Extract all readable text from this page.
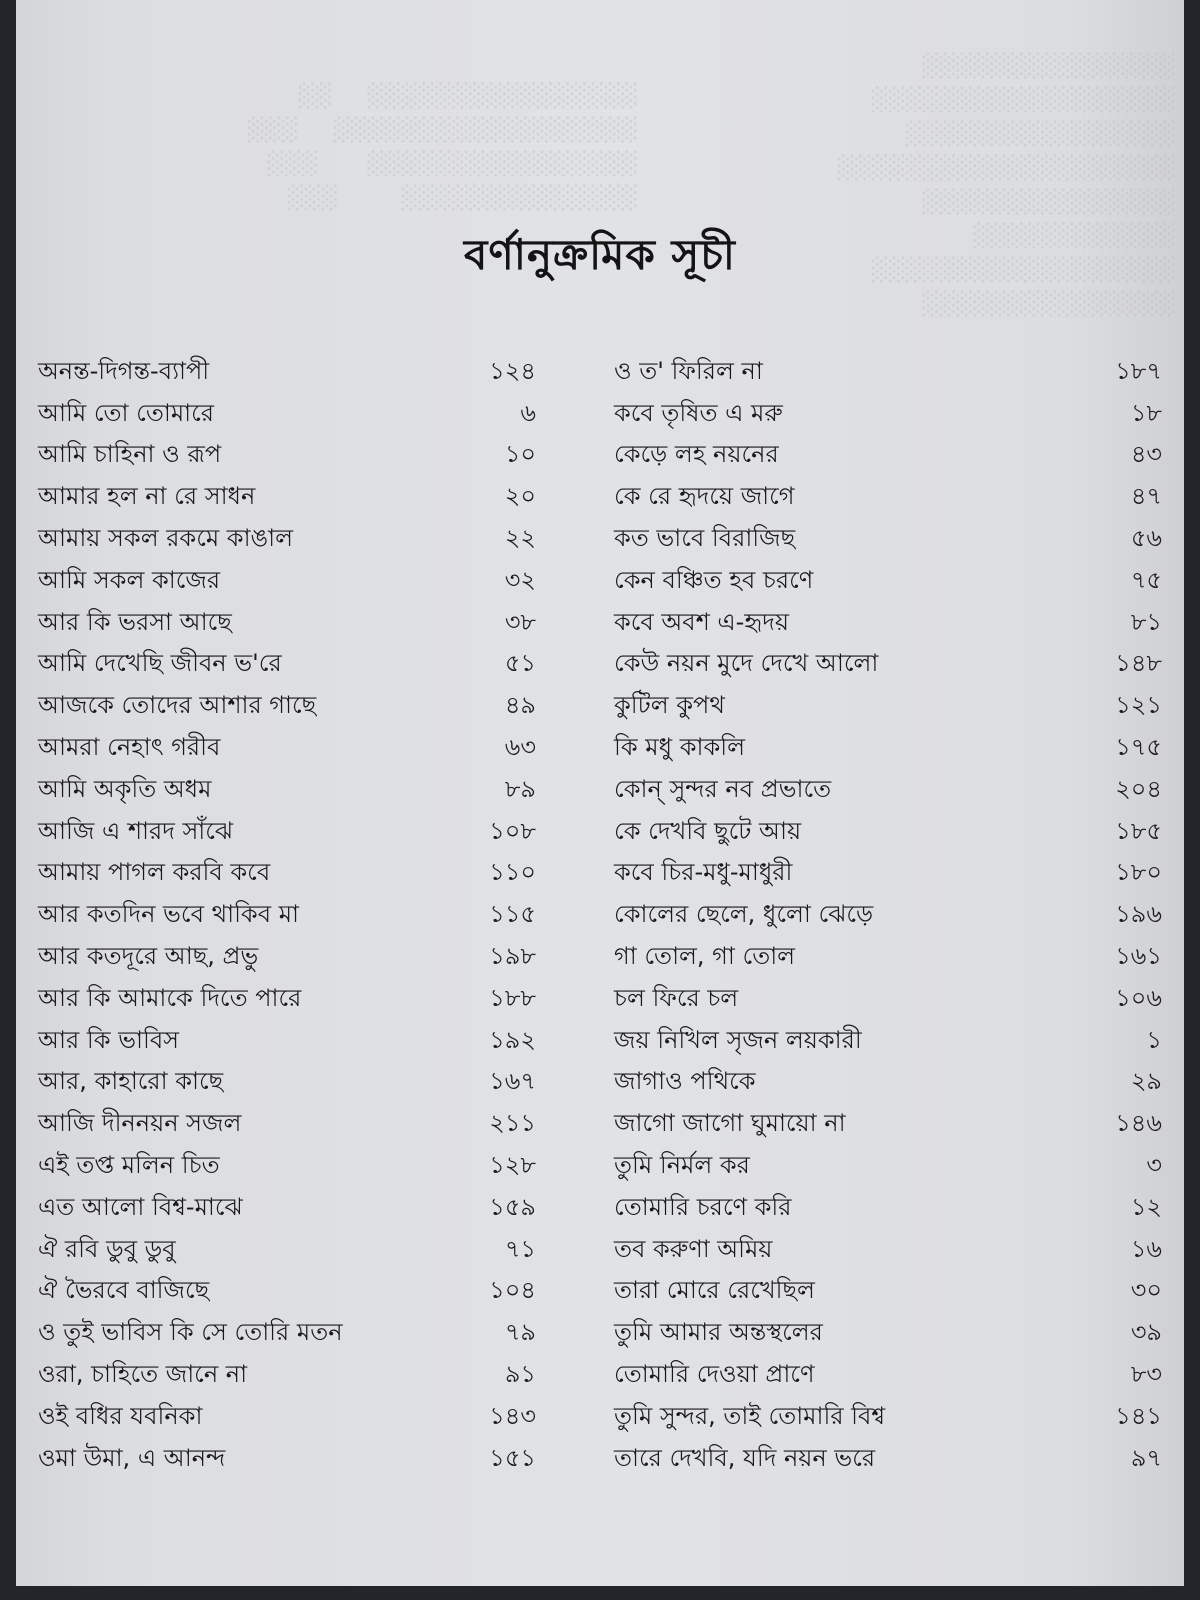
░░░░░░░░░░░░░░░
░░░░░░░░░░░░░░░░░░
░░░░░░░░░░░░░░░░
░░░░░░░░░░░░░░░░░░░░
░░░░░░░░░░░░░░░
░░░░░░░░░░░░
░░░░░░░░░░░░░░░░░░
░░░░░░░░░░░░░░░
░░░░░░░░░░░░░░░░     ░░
░░░░░░░░░░░░░░░░░░     ░░░
░░░░░░░░░░░░░░░░       ░░░
░░░░░░░░░░░░░░         ░░░
বর্ণানুক্রমিক সূচী
অনন্ত-দিগন্ত-ব্যাপী	১২৪
আমি তো তোমারে	৬
আমি চাহিনা ও রূপ	১০
আমার হল না রে সাধন	২০
আমায় সকল রকমে কাঙাল	২২
আমি সকল কাজের	৩২
আর কি ভরসা আছে	৩৮
আমি দেখেছি জীবন ভ'রে	৫১
আজকে তোদের আশার গাছে	৪৯
আমরা নেহাৎ গরীব	৬৩
আমি অকৃতি অধম	৮৯
আজি এ শারদ সাঁঝে	১০৮
আমায় পাগল করবি কবে	১১০
আর কতদিন ভবে থাকিব মা	১১৫
আর কতদূরে আছ, প্রভু	১৯৮
আর কি আমাকে দিতে পারে	১৮৮
আর কি ভাবিস	১৯২
আর, কাহারো কাছে	১৬৭
আজি দীননয়ন সজল	২১১
এই তপ্ত মলিন চিত	১২৮
এত আলো বিশ্ব-মাঝে	১৫৯
ঐ রবি ডুবু ডুবু	৭১
ঐ ভৈরবে বাজিছে	১০৪
ও তুই ভাবিস কি সে তোরি মতন	৭৯
ওরা, চাহিতে জানে না	৯১
ওই বধির যবনিকা	১৪৩
ওমা উমা, এ আনন্দ	১৫১
ও ত' ফিরিল না	১৮৭
কবে তৃষিত এ মরু	১৮
কেড়ে লহ নয়নের	৪৩
কে রে হৃদয়ে জাগে	৪৭
কত ভাবে বিরাজিছ	৫৬
কেন বঞ্চিত হব চরণে	৭৫
কবে অবশ এ-হৃদয়	৮১
কেউ নয়ন মুদে দেখে আলো	১৪৮
কুটিল কুপথ	১২১
কি মধু কাকলি	১৭৫
কোন্ সুন্দর নব প্রভাতে	২০৪
কে দেখবি ছুটে আয়	১৮৫
কবে চির-মধু-মাধুরী	১৮০
কোলের ছেলে, ধুলো ঝেড়ে	১৯৬
গা তোল, গা তোল	১৬১
চল ফিরে চল	১০৬
জয় নিখিল সৃজন লয়কারী	১
জাগাও পথিকে	২৯
জাগো জাগো ঘুমায়ো না	১৪৬
তুমি নির্মল কর	৩
তোমারি চরণে করি	১২
তব করুণা অমিয়	১৬
তারা মোরে রেখেছিল	৩০
তুমি আমার অন্তস্থলের	৩৯
তোমারি দেওয়া প্রাণে	৮৩
তুমি সুন্দর, তাই তোমারি বিশ্ব	১৪১
তারে দেখবি, যদি নয়ন ভরে	৯৭
